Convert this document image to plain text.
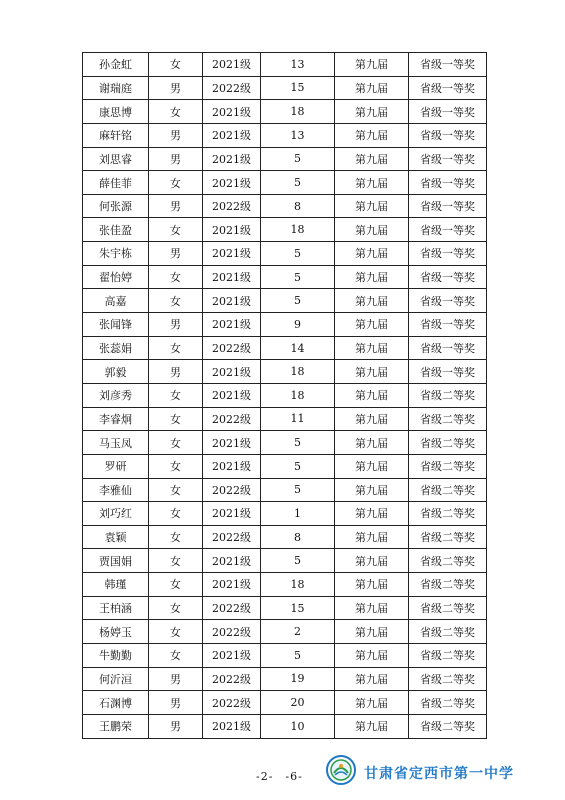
孙金虹	女	2021级	13	第九届	省级一等奖
谢瑞庭	男	2022级	15	第九届	省级一等奖
康思博	女	2021级	18	第九届	省级一等奖
麻轩铭	男	2021级	13	第九届	省级一等奖
刘思睿	男	2021级	5	第九届	省级一等奖
薛佳菲	女	2021级	5	第九届	省级一等奖
何张源	男	2022级	8	第九届	省级一等奖
张佳盈	女	2021级	18	第九届	省级一等奖
朱宇栋	男	2021级	5	第九届	省级一等奖
翟怡婷	女	2021级	5	第九届	省级一等奖
高嘉	女	2021级	5	第九届	省级一等奖
张闻锋	男	2021级	9	第九届	省级一等奖
张蕊娟	女	2022级	14	第九届	省级一等奖
郭毅	男	2021级	18	第九届	省级一等奖
刘彦秀	女	2021级	18	第九届	省级二等奖
李睿炯	女	2022级	11	第九届	省级二等奖
马玉凤	女	2021级	5	第九届	省级二等奖
罗研	女	2021级	5	第九届	省级二等奖
李雅仙	女	2022级	5	第九届	省级二等奖
刘巧红	女	2021级	1	第九届	省级二等奖
袁颖	女	2022级	8	第九届	省级二等奖
贾国娟	女	2021级	5	第九届	省级二等奖
韩瑾	女	2021级	18	第九届	省级二等奖
王柏涵	女	2022级	15	第九届	省级二等奖
杨婷玉	女	2022级	2	第九届	省级二等奖
牛勤勤	女	2021级	5	第九届	省级二等奖
何沂洹	男	2022级	19	第九届	省级二等奖
石渊博	男	2022级	20	第九届	省级二等奖
王鹏荣	男	2021级	10	第九届	省级二等奖
-2-　-6-	甘肃省定西市第一中学
